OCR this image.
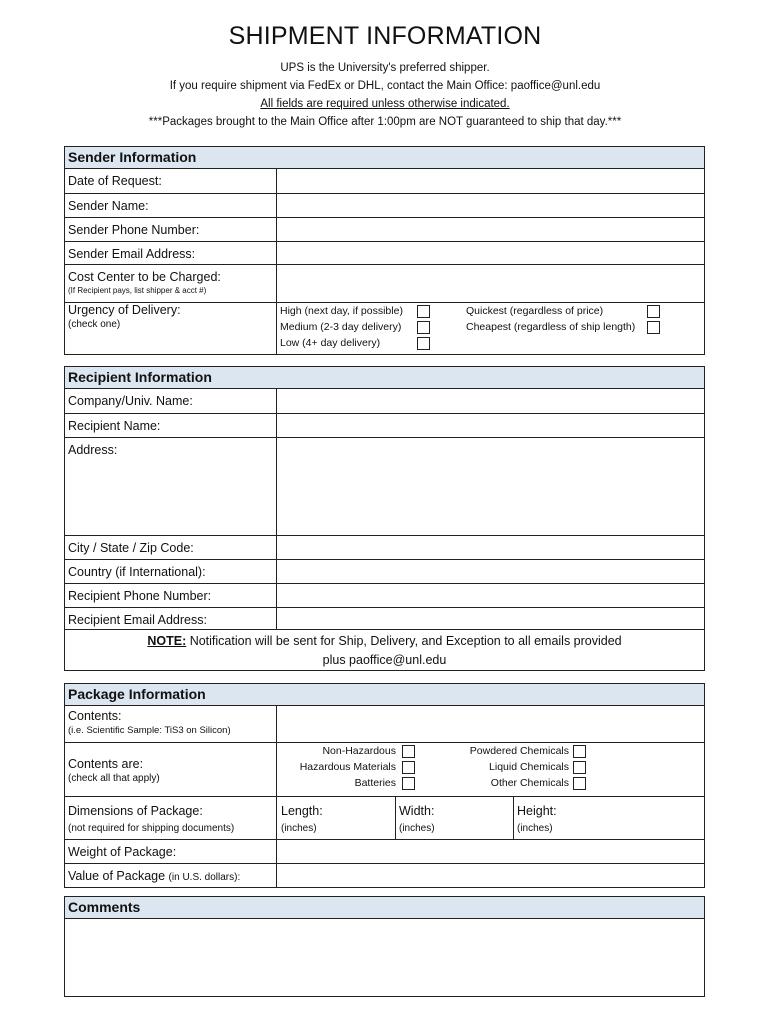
SHIPMENT INFORMATION
UPS is the University's preferred shipper.
If you require shipment via FedEx or DHL, contact the Main Office: paoffice@unl.edu
All fields are required unless otherwise indicated.
***Packages brought to the Main Office after 1:00pm are NOT guaranteed to ship that day.***
Sender Information
Date of Request:
Sender Name:
Sender Phone Number:
Sender Email Address:
Cost Center to be Charged:
(If Recipient pays, list shipper & acct #)
Urgency of Delivery:
(check one)
High (next day, if possible)
Medium (2-3 day delivery)
Low (4+ day delivery)
Quickest (regardless of price)
Cheapest (regardless of ship length)
Recipient Information
Company/Univ. Name:
Recipient Name:
Address:
City / State / Zip Code:
Country (if International):
Recipient Phone Number:
Recipient Email Address:
NOTE: Notification will be sent for Ship, Delivery, and Exception to all emails provided
plus paoffice@unl.edu
Package Information
Contents:
(i.e. Scientific Sample: TiS3 on Silicon)
Contents are:
(check all that apply)
Non-Hazardous
Hazardous Materials
Batteries
Powdered Chemicals
Liquid Chemicals
Other Chemicals
Dimensions of Package:
(not required for shipping documents)
Length:
(inches)
Width:
(inches)
Height:
(inches)
Weight of Package:
Value of Package (in U.S. dollars):
Comments
